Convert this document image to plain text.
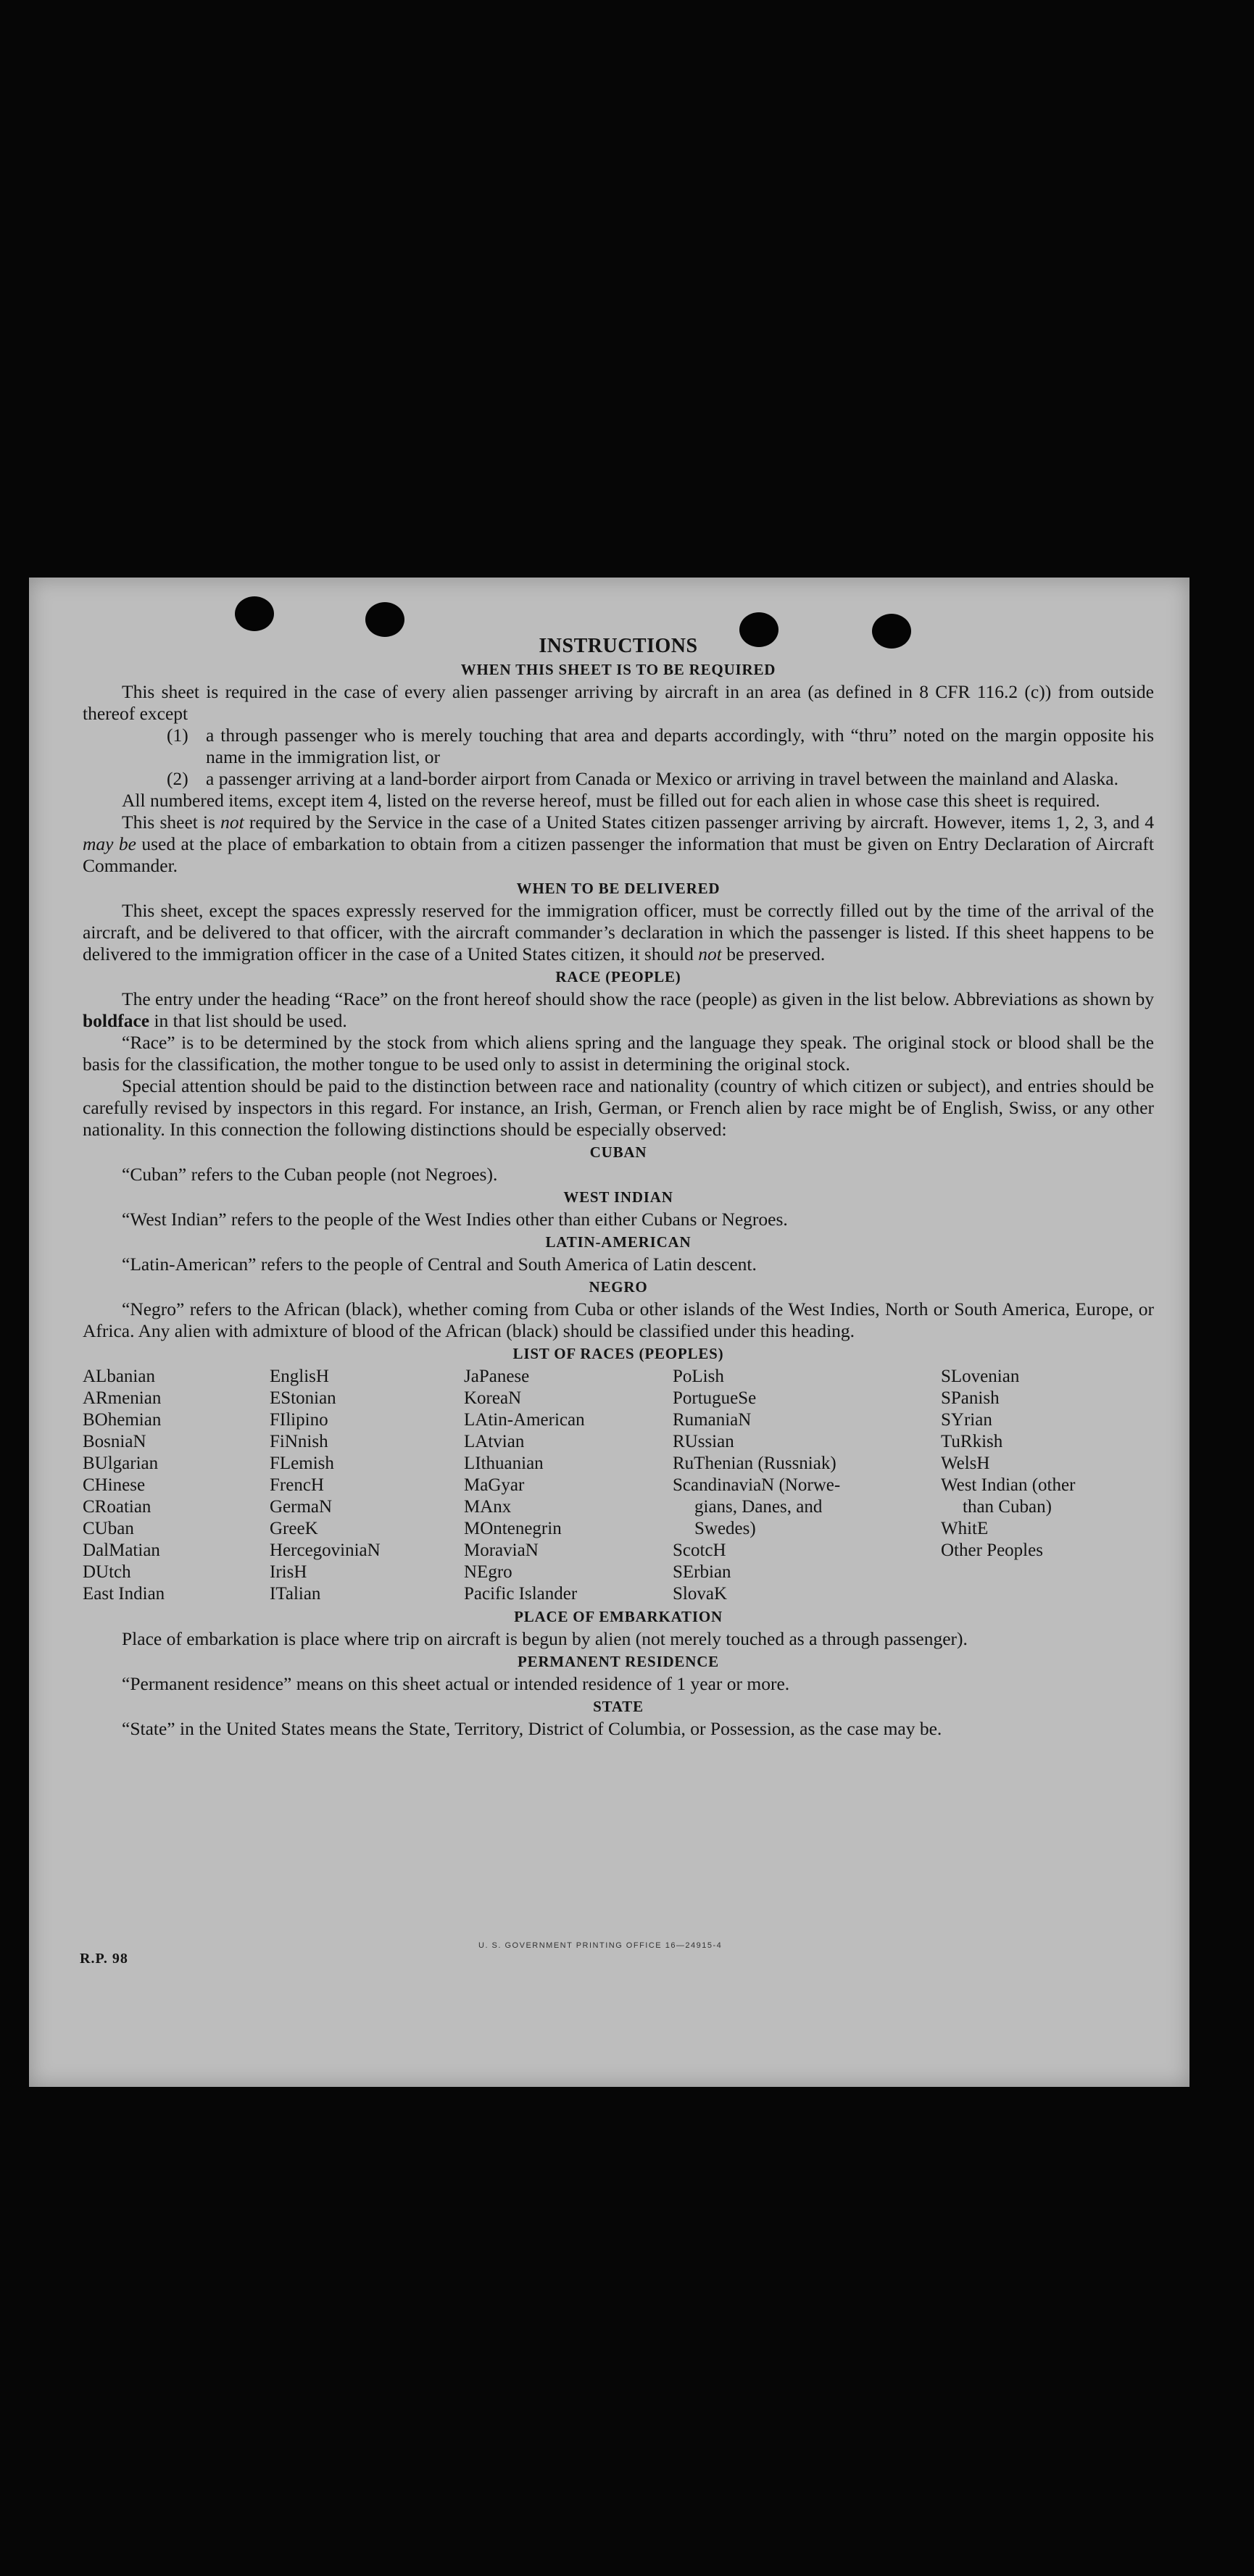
INSTRUCTIONS
WHEN THIS SHEET IS TO BE REQUIRED

This sheet is required in the case of every alien passenger arriving by aircraft in an area (as defined in 8 CFR 116.2 (c)) from outside thereof except

(1) a through passenger who is merely touching that area and departs accordingly, with “thru” noted on the margin opposite his name in the immigration list, or
(2) a passenger arriving at a land-border airport from Canada or Mexico or arriving in travel between the mainland and Alaska.

All numbered items, except item 4, listed on the reverse hereof, must be filled out for each alien in whose case this sheet is required.

This sheet is not required by the Service in the case of a United States citizen passenger arriving by aircraft. However, items 1, 2, 3, and 4 may be used at the place of embarkation to obtain from a citizen passenger the information that must be given on Entry Declaration of Aircraft Commander.

WHEN TO BE DELIVERED

This sheet, except the spaces expressly reserved for the immigration officer, must be correctly filled out by the time of the arrival of the aircraft, and be delivered to that officer, with the aircraft commander’s declaration in which the passenger is listed. If this sheet happens to be delivered to the immigration officer in the case of a United States citizen, it should not be preserved.

RACE (PEOPLE)

The entry under the heading “Race” on the front hereof should show the race (people) as given in the list below. Abbreviations as shown by boldface in that list should be used.

“Race” is to be determined by the stock from which aliens spring and the language they speak. The original stock or blood shall be the basis for the classification, the mother tongue to be used only to assist in determining the original stock.

Special attention should be paid to the distinction between race and nationality (country of which citizen or subject), and entries should be carefully revised by inspectors in this regard. For instance, an Irish, German, or French alien by race might be of English, Swiss, or any other nationality. In this connection the following distinctions should be especially observed:

CUBAN

“Cuban” refers to the Cuban people (not Negroes).

WEST INDIAN

“West Indian” refers to the people of the West Indies other than either Cubans or Negroes.

LATIN-AMERICAN

“Latin-American” refers to the people of Central and South America of Latin descent.

NEGRO

“Negro” refers to the African (black), whether coming from Cuba or other islands of the West Indies, North or South America, Europe, or Africa. Any alien with admixture of blood of the African (black) should be classified under this heading.

LIST OF RACES (PEOPLES)
ALbanian
ARmenian
BOhemian
BosniaN
BUlgarian
CHinese
CRoatian
CUban
DalMatian
DUtch
East Indian
EnglisH
EStonian
FIlipino
FiNnish
FLemish
FrencH
GermaN
GreeK
HercegoviniaN
IrisH
ITalian
JaPanese
KoreaN
LAtin-American
LAtvian
LIthuanian
MaGyar
MAnx
MOntenegrin
MoraviaN
NEgro
Pacific Islander
PoLish
PortugueSe
RumaniaN
RUssian
RuThenian (Russniak)
ScandinaviaN (Norwe-
gians, Danes, and
Swedes)
ScotcH
SErbian
SlovaK
SLovenian
SPanish
SYrian
TuRkish
WelsH
West Indian (other
than Cuban)
WhitE
Other Peoples
PLACE OF EMBARKATION

Place of embarkation is place where trip on aircraft is begun by alien (not merely touched as a through passenger).

PERMANENT RESIDENCE

“Permanent residence” means on this sheet actual or intended residence of 1 year or more.

STATE

“State” in the United States means the State, Territory, District of Columbia, or Possession, as the case may be.

R.P. 98
U. S. GOVERNMENT PRINTING OFFICE 16—24915-4
